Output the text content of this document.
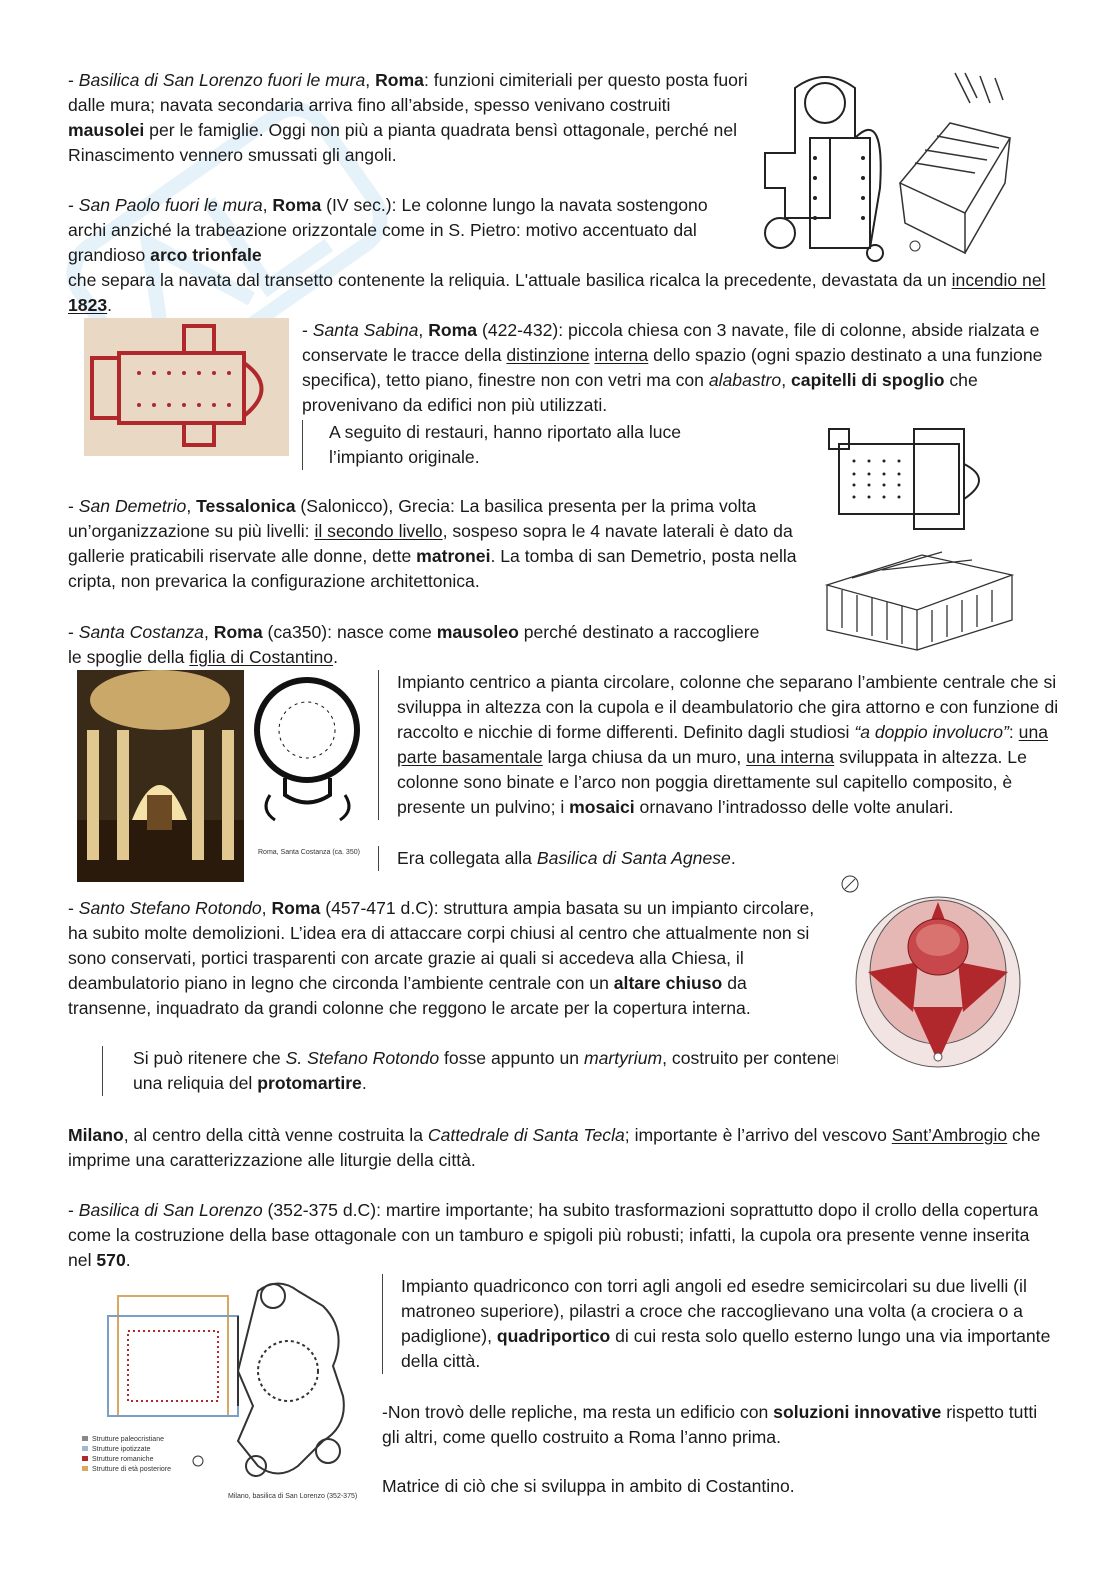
- Basilica di San Lorenzo fuori le mura, Roma: funzioni cimiteriali per questo posta fuori dalle mura; navata secondaria arriva fino all’abside, spesso venivano costruiti mausolei per le famiglie. Oggi non più a pianta quadrata bensì ottagonale, perché nel Rinascimento vennero smussati gli angoli.

- San Paolo fuori le mura, Roma (IV sec.): Le colonne lungo la navata sostengono archi anziché la trabeazione orizzontale come in S. Pietro: motivo accentuato dal grandioso arco trionfale

che separa la navata dal transetto contenente la reliquia. L'attuale basilica ricalca la precedente, devastata da un incendio nel 1823.

- Santa Sabina, Roma (422-432): piccola chiesa con 3 navate, file di colonne, abside rialzata e conservate le tracce della distinzione interna dello spazio (ogni spazio destinato a una funzione specifica), tetto piano, finestre non con vetri ma con alabastro, capitelli di spoglio che provenivano da edifici non più utilizzati.

A seguito di restauri, hanno riportato alla luce l’impianto originale.

- San Demetrio, Tessalonica (Salonicco), Grecia: La basilica presenta per la prima volta un’organizzazione su più livelli: il secondo livello, sospeso sopra le 4 navate laterali è dato da gallerie praticabili riservate alle donne, dette matronei. La tomba di san Demetrio, posta nella cripta, non prevarica la configurazione architettonica.

- Santa Costanza, Roma (ca350): nasce come mausoleo perché destinato a raccogliere le spoglie della figlia di Costantino.

Roma, Santa Costanza (ca. 350)

Impianto centrico a pianta circolare, colonne che separano l’ambiente centrale che si sviluppa in altezza con la cupola e il deambulatorio che gira attorno e con funzione di raccolto e nicchie di forme differenti. Definito dagli studiosi “a doppio involucro”: una parte basamentale larga chiusa da un muro, una interna sviluppata in altezza. Le colonne sono binate e l’arco non poggia direttamente sul capitello composito, è presente un pulvino; i mosaici ornavano l’intradosso delle volte anulari.

Era collegata alla Basilica di Santa Agnese.

- Santo Stefano Rotondo, Roma (457-471 d.C): struttura ampia basata su un impianto circolare, ha subito molte demolizioni. L’idea era di attaccare corpi chiusi al centro che attualmente non si sono conservati, portici trasparenti con arcate grazie ai quali si accedeva alla Chiesa, il deambulatorio piano in legno che circonda l’ambiente centrale con un altare chiuso da transenne, inquadrato da grandi colonne che reggono le arcate per la copertura interna.

Si può ritenere che S. Stefano Rotondo fosse appunto un martyrium, costruito per contenere una reliquia del protomartire.

Milano, al centro della città venne costruita la Cattedrale di Santa Tecla; importante è l’arrivo del vescovo Sant’Ambrogio che imprime una caratterizzazione alle liturgie della città.

- Basilica di San Lorenzo (352-375 d.C): martire importante; ha subito trasformazioni soprattutto dopo il crollo della copertura come la costruzione della base ottagonale con un tamburo e spigoli più robusti; infatti, la cupola ora presente venne inserita nel 570.

Impianto quadriconco con torri agli angoli ed esedre semicircolari su due livelli (il matroneo superiore), pilastri a croce che raccoglievano una volta (a crociera o a padiglione), quadriportico di cui resta solo quello esterno lungo una via importante della città.

-Non trovò delle repliche, ma resta un edificio con soluzioni innovative rispetto tutti gli altri, come quello costruito a Roma l’anno prima.

Matrice di ciò che si sviluppa in ambito di Costantino.

Strutture paleocristiane
Strutture ipotizzate
Strutture romaniche
Strutture di età posteriore
Milano, basilica di San Lorenzo (352-375)
